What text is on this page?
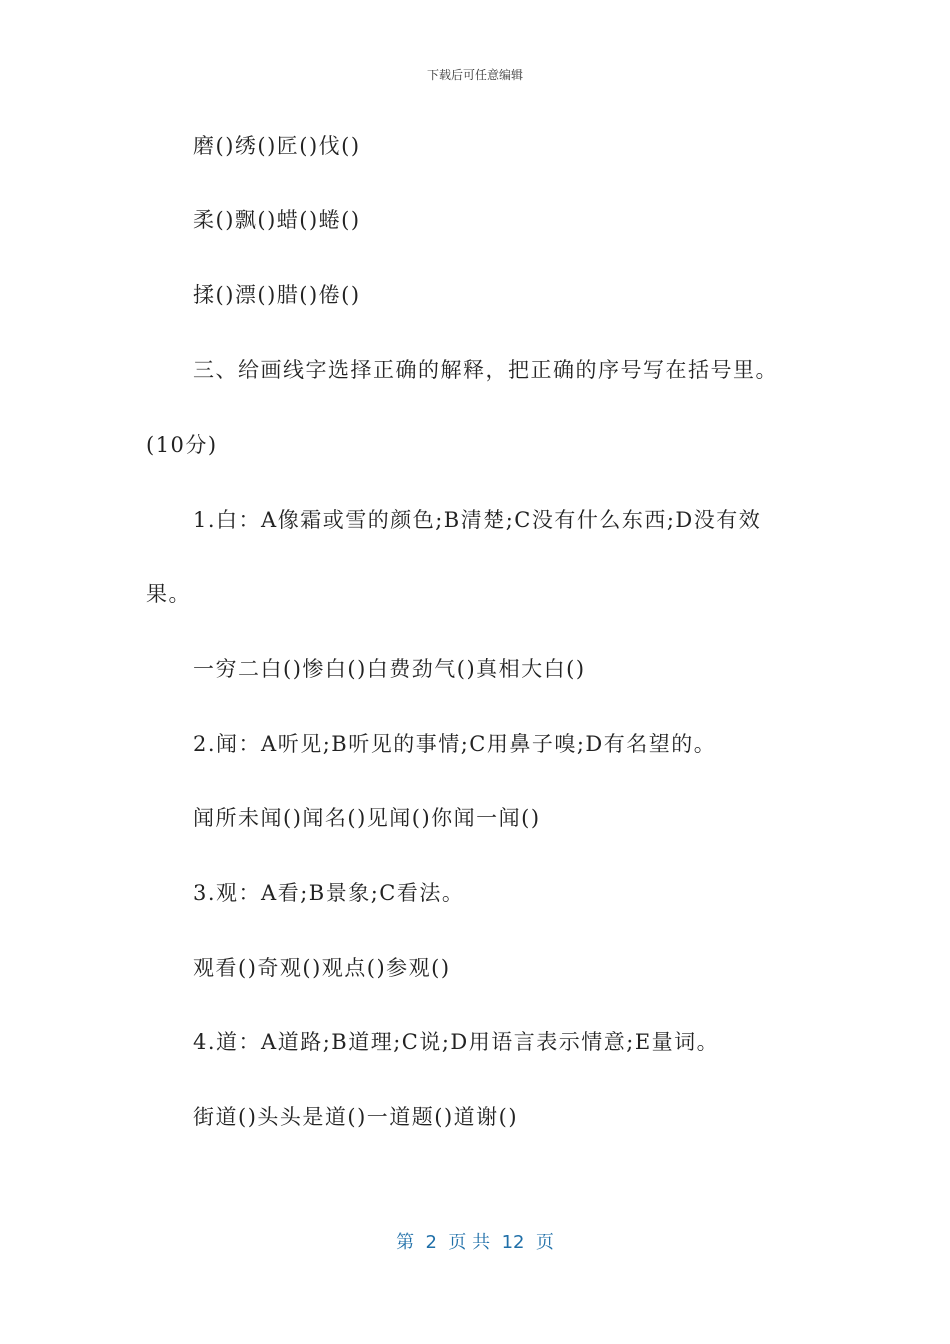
下载后可任意编辑
磨()绣()匠()伐()
柔()飘()蜡()蜷()
揉()漂()腊()倦()
三、给画线字选择正确的解释，把正确的序号写在括号里。
(10分)
1.白：A像霜或雪的颜色;B清楚;C没有什么东西;D没有效
果。
一穷二白()惨白()白费劲气()真相大白()
2.闻：A听见;B听见的事情;C用鼻子嗅;D有名望的。
闻所未闻()闻名()见闻()你闻一闻()
3.观：A看;B景象;C看法。
观看()奇观()观点()参观()
4.道：A道路;B道理;C说;D用语言表示情意;E量词。
街道()头头是道()一道题()道谢()
第  2  页 共  12  页
